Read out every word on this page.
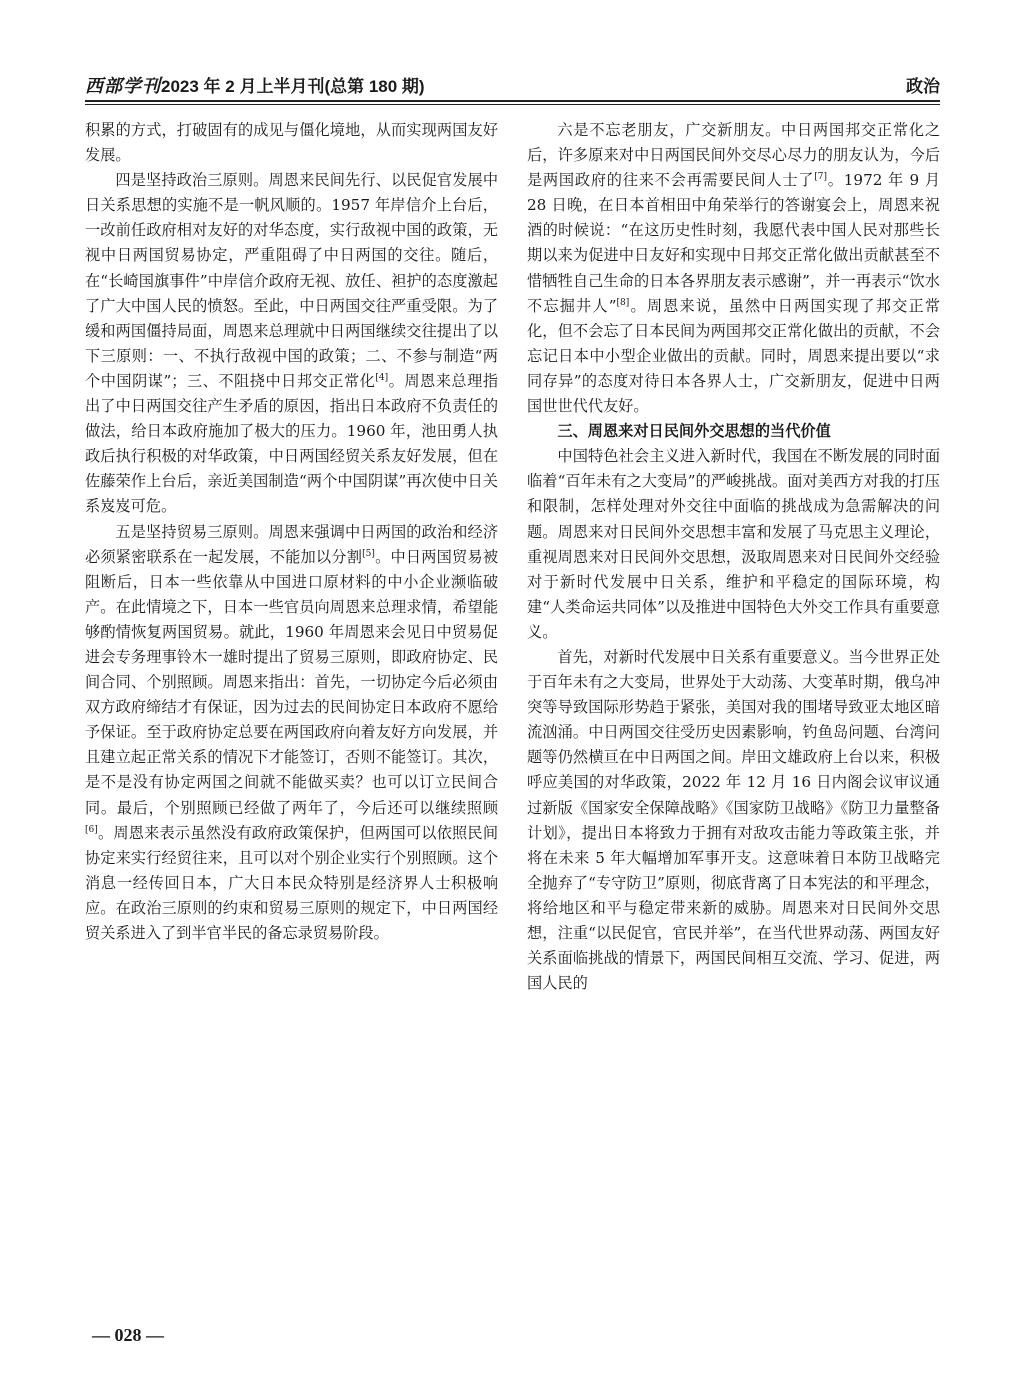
西部学刊2023 年 2 月上半月刊(总第 180 期)	政治

积累的方式，打破固有的成见与僵化境地，从而实现两国友好发展。

四是坚持政治三原则。周恩来民间先行、以民促官发展中日关系思想的实施不是一帆风顺的。1957 年岸信介上台后，一改前任政府相对友好的对华态度，实行敌视中国的政策，无视中日两国贸易协定，严重阻碍了中日两国的交往。随后，在“长崎国旗事件”中岸信介政府无视、放任、袒护的态度激起了广大中国人民的愤怒。至此，中日两国交往严重受限。为了缓和两国僵持局面，周恩来总理就中日两国继续交往提出了以下三原则：一、不执行敌视中国的政策；二、不参与制造“两个中国阴谋”；三、不阻挠中日邦交正常化[4]。周恩来总理指出了中日两国交往产生矛盾的原因，指出日本政府不负责任的做法，给日本政府施加了极大的压力。1960 年，池田勇人执政后执行积极的对华政策，中日两国经贸关系友好发展，但在佐藤荣作上台后，亲近美国制造“两个中国阴谋”再次使中日关系岌岌可危。

五是坚持贸易三原则。周恩来强调中日两国的政治和经济必须紧密联系在一起发展，不能加以分割[5]。中日两国贸易被阻断后，日本一些依靠从中国进口原材料的中小企业濒临破产。在此情境之下，日本一些官员向周恩来总理求情，希望能够酌情恢复两国贸易。就此，1960 年周恩来会见日中贸易促进会专务理事铃木一雄时提出了贸易三原则，即政府协定、民间合同、个别照顾。周恩来指出：首先，一切协定今后必须由双方政府缔结才有保证，因为过去的民间协定日本政府不愿给予保证。至于政府协定总要在两国政府向着友好方向发展，并且建立起正常关系的情况下才能签订，否则不能签订。其次，是不是没有协定两国之间就不能做买卖？也可以订立民间合同。最后，个别照顾已经做了两年了，今后还可以继续照顾[6]。周恩来表示虽然没有政府政策保护，但两国可以依照民间协定来实行经贸往来，且可以对个别企业实行个别照顾。这个消息一经传回日本，广大日本民众特别是经济界人士积极响应。在政治三原则的约束和贸易三原则的规定下，中日两国经贸关系进入了到半官半民的备忘录贸易阶段。

六是不忘老朋友，广交新朋友。中日两国邦交正常化之后，许多原来对中日两国民间外交尽心尽力的朋友认为，今后是两国政府的往来不会再需要民间人士了[7]。1972 年 9 月 28 日晚，在日本首相田中角荣举行的答谢宴会上，周恩来祝酒的时候说：“在这历史性时刻，我愿代表中国人民对那些长期以来为促进中日友好和实现中日邦交正常化做出贡献甚至不惜牺牲自己生命的日本各界朋友表示感谢”，并一再表示“饮水不忘掘井人”[8]。周恩来说，虽然中日两国实现了邦交正常化，但不会忘了日本民间为两国邦交正常化做出的贡献，不会忘记日本中小型企业做出的贡献。同时，周恩来提出要以“求同存异”的态度对待日本各界人士，广交新朋友，促进中日两国世世代代友好。

三、周恩来对日民间外交思想的当代价值

中国特色社会主义进入新时代，我国在不断发展的同时面临着“百年未有之大变局”的严峻挑战。面对美西方对我的打压和限制，怎样处理对外交往中面临的挑战成为急需解决的问题。周恩来对日民间外交思想丰富和发展了马克思主义理论，重视周恩来对日民间外交思想，汲取周恩来对日民间外交经验对于新时代发展中日关系，维护和平稳定的国际环境，构建“人类命运共同体”以及推进中国特色大外交工作具有重要意义。

首先，对新时代发展中日关系有重要意义。当今世界正处于百年未有之大变局，世界处于大动荡、大变革时期，俄乌冲突等导致国际形势趋于紧张，美国对我的围堵导致亚太地区暗流汹涌。中日两国交往受历史因素影响，钓鱼岛问题、台湾问题等仍然横亘在中日两国之间。岸田文雄政府上台以来，积极呼应美国的对华政策，2022 年 12 月 16 日内阁会议审议通过新版《国家安全保障战略》《国家防卫战略》《防卫力量整备计划》，提出日本将致力于拥有对敌攻击能力等政策主张，并将在未来 5 年大幅增加军事开支。这意味着日本防卫战略完全抛弃了“专守防卫”原则，彻底背离了日本宪法的和平理念，将给地区和平与稳定带来新的威胁。周恩来对日民间外交思想，注重“以民促官，官民并举”，在当代世界动荡、两国友好关系面临挑战的情景下，两国民间相互交流、学习、促进，两国人民的

— 028 —
